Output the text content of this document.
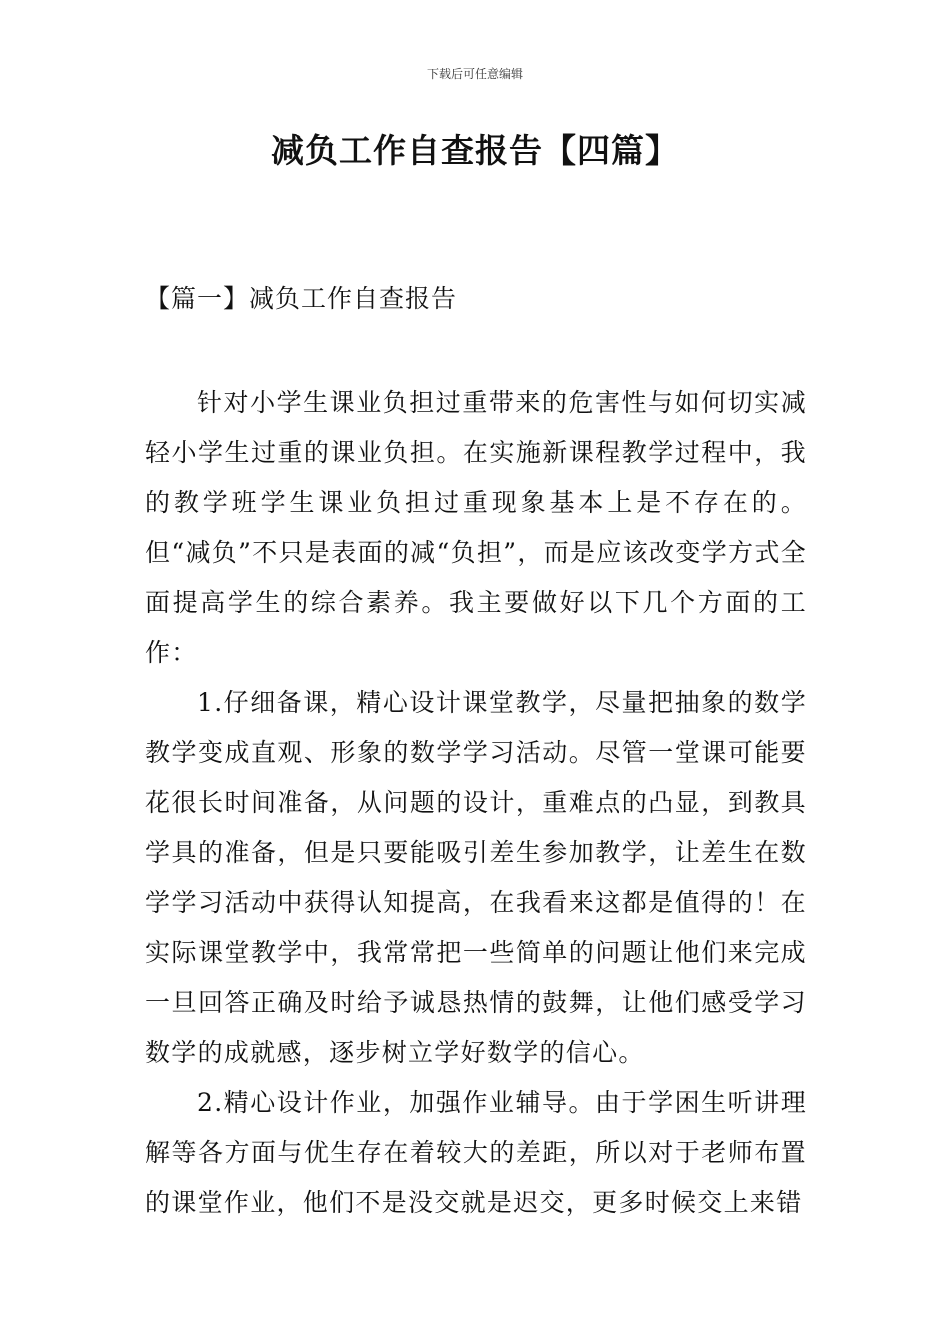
下载后可任意编辑
减负工作自查报告【四篇】
【篇一】减负工作自查报告

针对小学生课业负担过重带来的危害性与如何切实减轻小学生过重的课业负担。在实施新课程教学过程中，我的教学班学生课业负担过重现象基本上是不存在的。但“减负”不只是表面的减“负担”，而是应该改变学方式全面提高学生的综合素养。我主要做好以下几个方面的工作：

1.仔细备课，精心设计课堂教学，尽量把抽象的数学教学变成直观、形象的数学学习活动。尽管一堂课可能要花很长时间准备，从问题的设计，重难点的凸显，到教具学具的准备，但是只要能吸引差生参加教学，让差生在数学学习活动中获得认知提高，在我看来这都是值得的！在实际课堂教学中，我常常把一些简单的问题让他们来完成一旦回答正确及时给予诚恳热情的鼓舞，让他们感受学习数学的成就感，逐步树立学好数学的信心。

2.精心设计作业，加强作业辅导。由于学困生听讲理解等各方面与优生存在着较大的差距，所以对于老师布置的课堂作业，他们不是没交就是迟交，更多时候交上来错
